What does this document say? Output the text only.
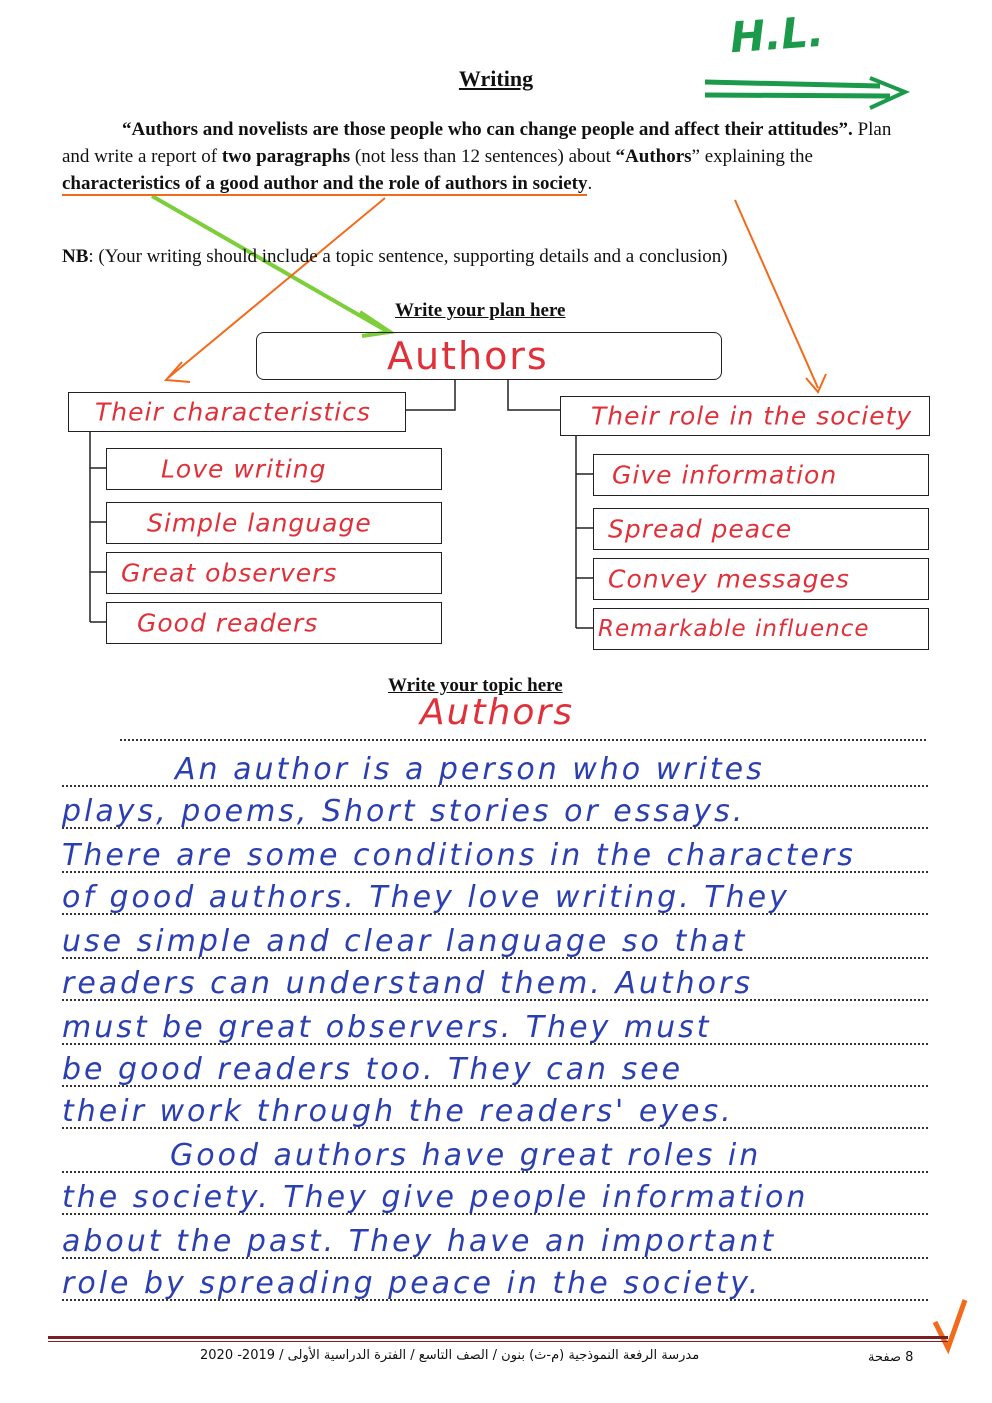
Writing
H.L.

“Authors and novelists are those people who can change people and affect their attitudes”. Plan and write a report of two paragraphs (not less than 12 sentences) about “Authors” explaining the characteristics of a good author and the role of authors in society.

NB: (Your writing should include a topic sentence, supporting details and a conclusion)
Write your plan here
Authors
Their characteristics
Love writing
Simple language
Great observers
Good readers
Their role in the society
Give information
Spread peace
Convey messages
Remarkable influence
Write your topic here
Authors
An author is a person who writes
plays, poems, Short stories or essays.
There are some conditions in the characters
of good authors. They love writing. They
use simple and clear language so that
readers can understand them. Authors
must be great observers. They must
be good readers too. They can see
their work through the readers' eyes.
Good authors have great roles in
the society. They give people information
about the past. They have an important
role by spreading peace in the society.
مدرسة الرفعة النموذجية (م-ث) بنون / الصف التاسع / الفترة الدراسية الأولى / 2019- 2020	8 صفحة
